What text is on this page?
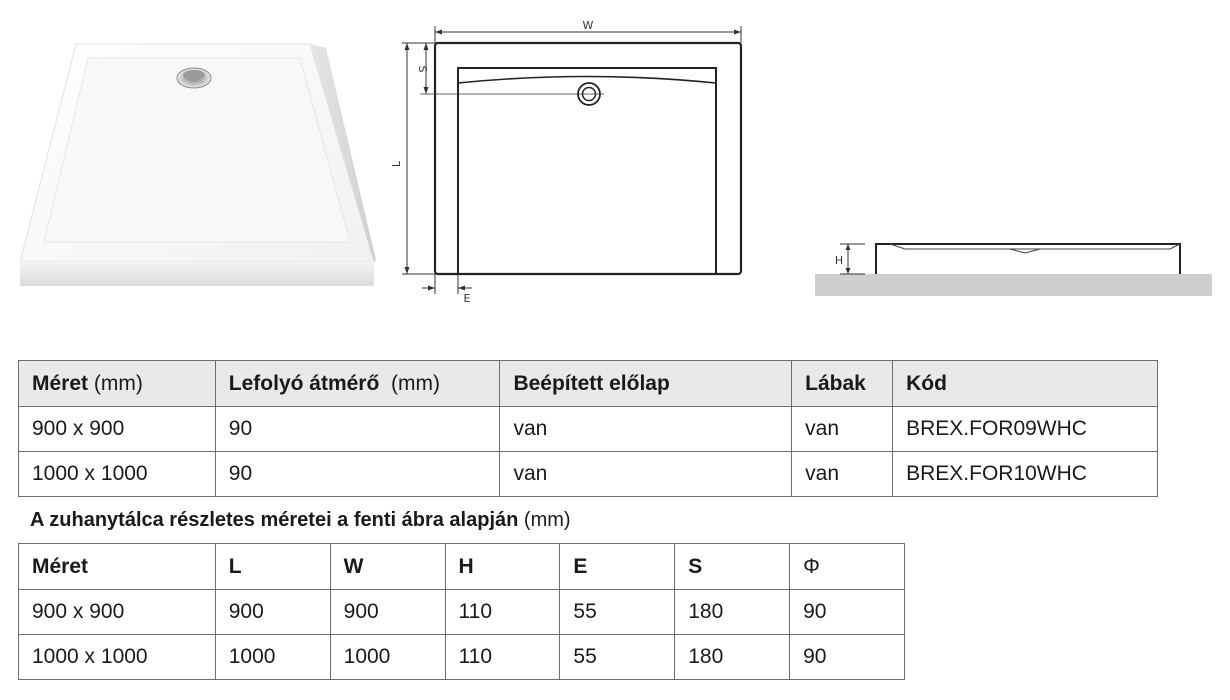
W
L
S
E
H
Méret (mm)	Lefolyó átmérő (mm)	Beépített előlap	Lábak	Kód
900 x 900	90	van	van	BREX.FOR09WHC
1000 x 1000	90	van	van	BREX.FOR10WHC
A zuhanytálca részletes méretei a fenti ábra alapján (mm)
Méret	L	W	H	E	S	Φ
900 x 900	900	900	110	55	180	90
1000 x 1000	1000	1000	110	55	180	90
